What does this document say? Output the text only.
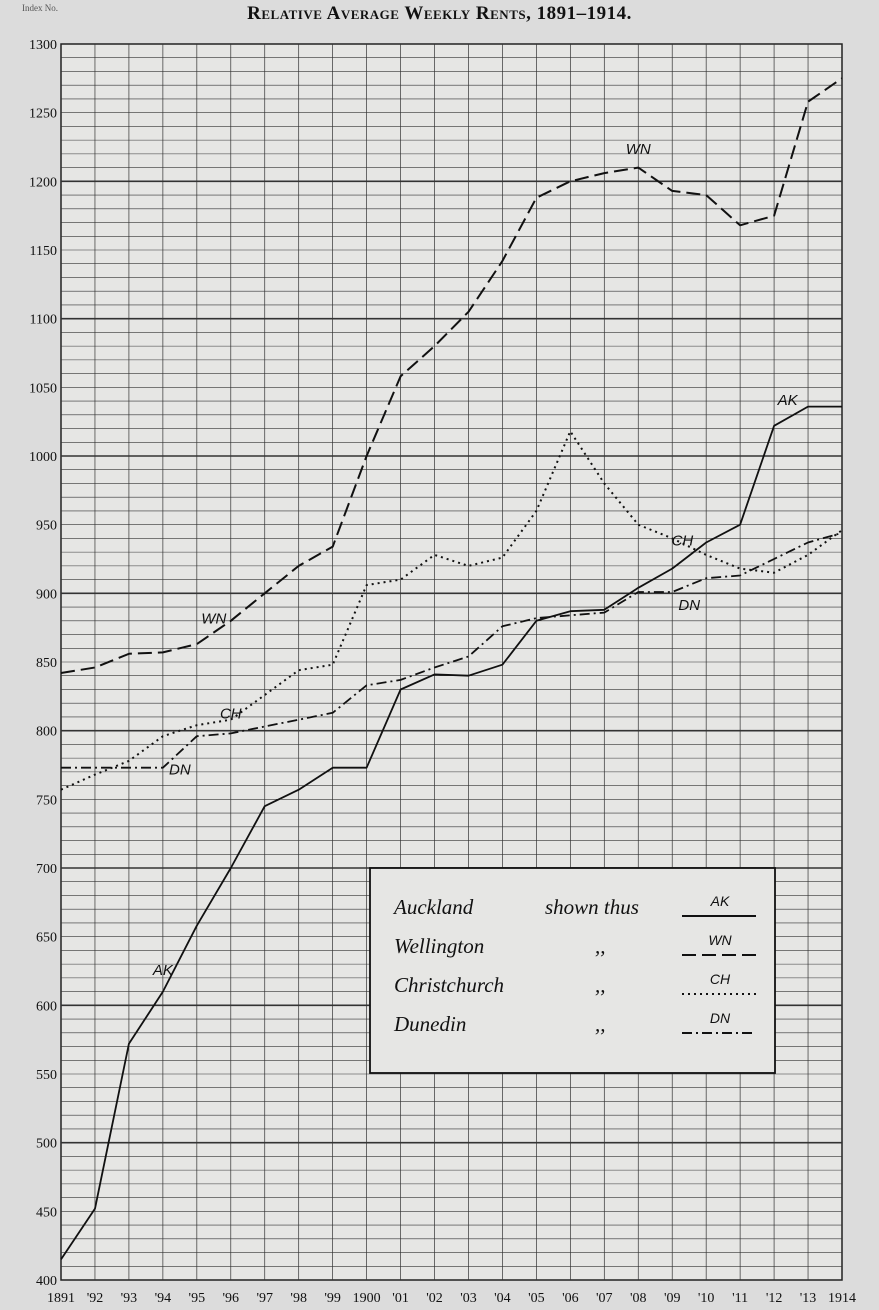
Relative Average Weekly Rents, 1891–1914.
Index No.
1300
1250
1200
1150
1100
1050
1000
950
900
850
800
750
700
650
600
550
500
450
400
1891 '92 '93 '94 '95 '96 '97 '98 '99 1900 '01 '02 '03 '04 '05 '06 '07 '08 '09 '10 '11 '12 '13 1914
AK
AK
WN
WN
CH
CH
DN
DN
Auckland	shown thus	AK
Wellington	,,	WN
Christchurch	,,	CH
Dunedin	,,	DN
